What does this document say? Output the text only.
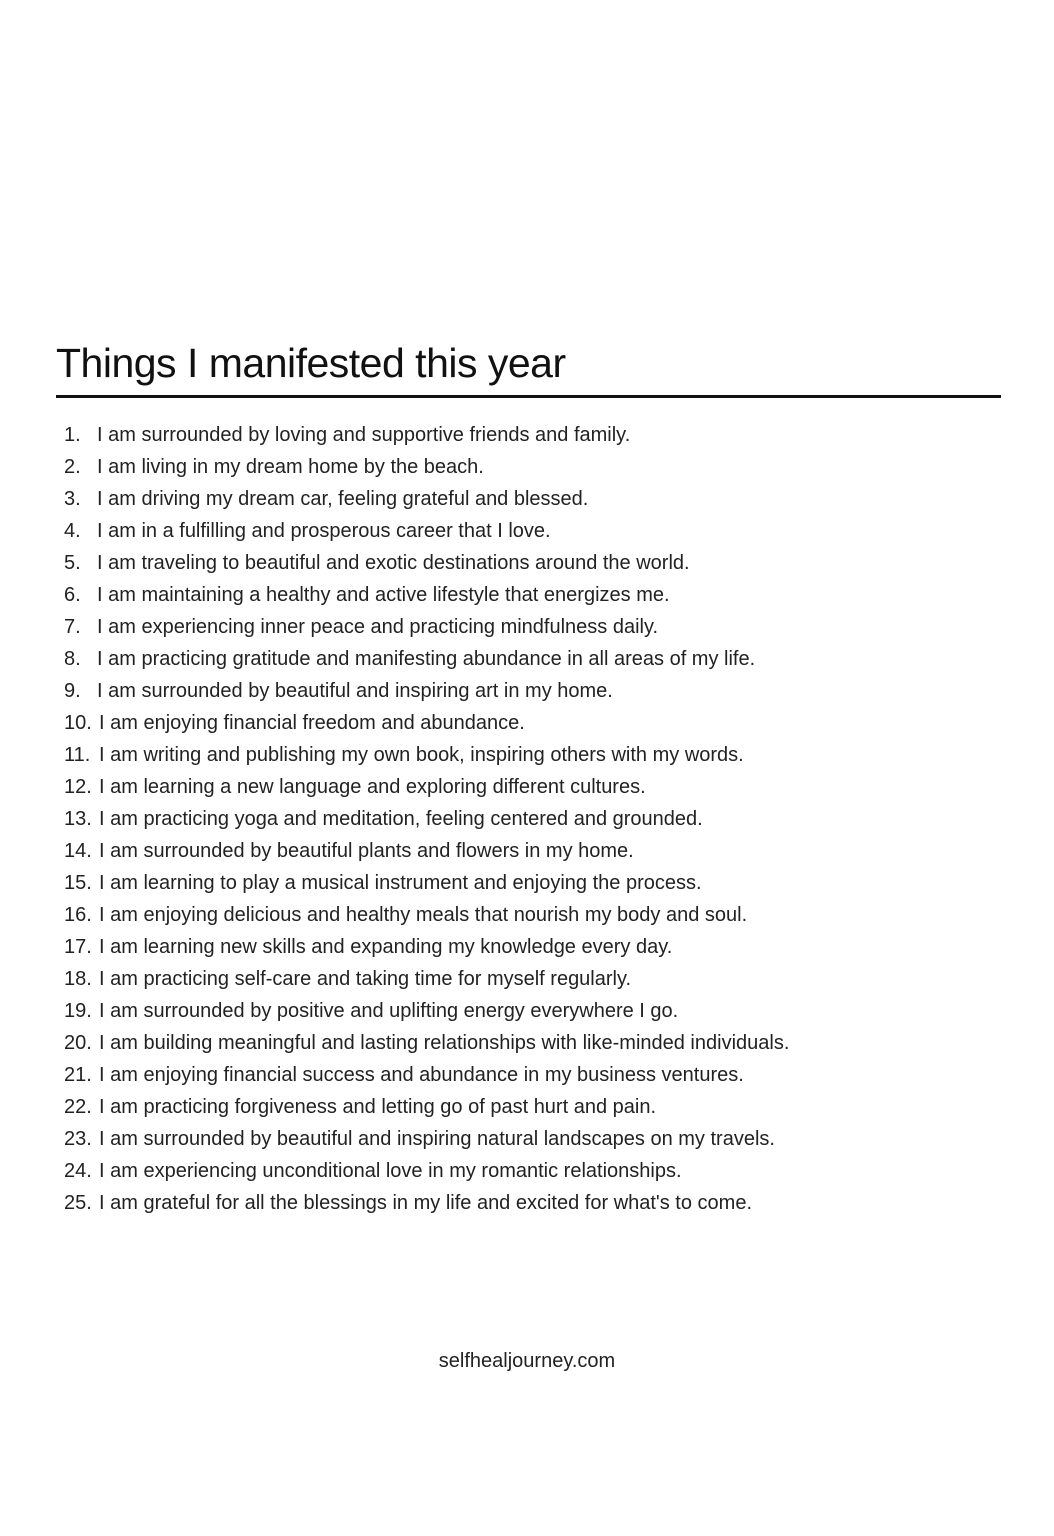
Things I manifested this year
1. I am surrounded by loving and supportive friends and family.
2. I am living in my dream home by the beach.
3. I am driving my dream car, feeling grateful and blessed.
4. I am in a fulfilling and prosperous career that I love.
5. I am traveling to beautiful and exotic destinations around the world.
6. I am maintaining a healthy and active lifestyle that energizes me.
7. I am experiencing inner peace and practicing mindfulness daily.
8. I am practicing gratitude and manifesting abundance in all areas of my life.
9. I am surrounded by beautiful and inspiring art in my home.
10. I am enjoying financial freedom and abundance.
11. I am writing and publishing my own book, inspiring others with my words.
12. I am learning a new language and exploring different cultures.
13. I am practicing yoga and meditation, feeling centered and grounded.
14. I am surrounded by beautiful plants and flowers in my home.
15. I am learning to play a musical instrument and enjoying the process.
16. I am enjoying delicious and healthy meals that nourish my body and soul.
17. I am learning new skills and expanding my knowledge every day.
18. I am practicing self-care and taking time for myself regularly.
19. I am surrounded by positive and uplifting energy everywhere I go.
20. I am building meaningful and lasting relationships with like-minded individuals.
21. I am enjoying financial success and abundance in my business ventures.
22. I am practicing forgiveness and letting go of past hurt and pain.
23. I am surrounded by beautiful and inspiring natural landscapes on my travels.
24. I am experiencing unconditional love in my romantic relationships.
25. I am grateful for all the blessings in my life and excited for what's to come.
selfhealjourney.com
